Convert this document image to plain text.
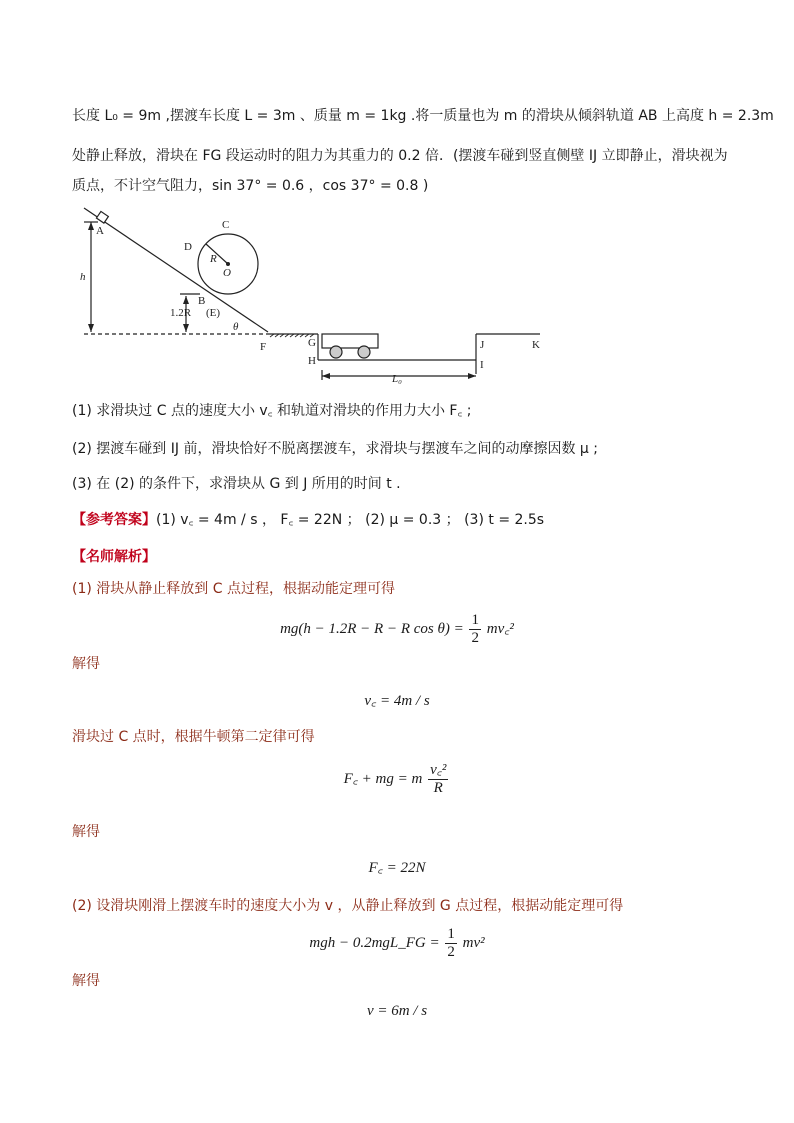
长度 L₀ = 9m ,摆渡车长度 L = 3m 、质量 m = 1kg .将一质量也为 m 的滑块从倾斜轨道 AB 上高度 h = 2.3m
处静止释放，滑块在 FG 段运动时的阻力为其重力的 0.2 倍．(摆渡车碰到竖直侧壁 IJ 立即静止，滑块视为
质点，不计空气阻力，sin 37° = 0.6 ，cos 37° = 0.8 )
A	C
D
R
O
B
(E)
1.2R
h
θ
F	G
H
J
I
K
L₀
(1) 求滑块过 C 点的速度大小 v꜀ 和轨道对滑块的作用力大小 F꜀ ;
(2) 摆渡车碰到 IJ 前，滑块恰好不脱离摆渡车，求滑块与摆渡车之间的动摩擦因数 μ ;
(3) 在 (2) 的条件下，求滑块从 G 到 J 所用的时间 t .
【参考答案】(1) v꜀ = 4m / s ， F꜀ = 22N ； (2) μ = 0.3 ； (3) t = 2.5s
【名师解析】
(1) 滑块从静止释放到 C 点过程，根据动能定理可得
mg(h − 1.2R − R − R $\cos \theta) = \frac{1}{2}$ mv꜀²
解得
v꜀ = 4m / s
滑块过 C 点时，根据牛顿第二定律可得
F꜀ + mg = m $\frac{\text{v꜀²}}{R}$
解得
F꜀ = 22N
(2) 设滑块刚滑上摆渡车时的速度大小为 v ，从静止释放到 G 点过程，根据动能定理可得
mgh − 0.2mgL_FG = $\frac{1}{2} mv^2$
解得
v = 6m / s
